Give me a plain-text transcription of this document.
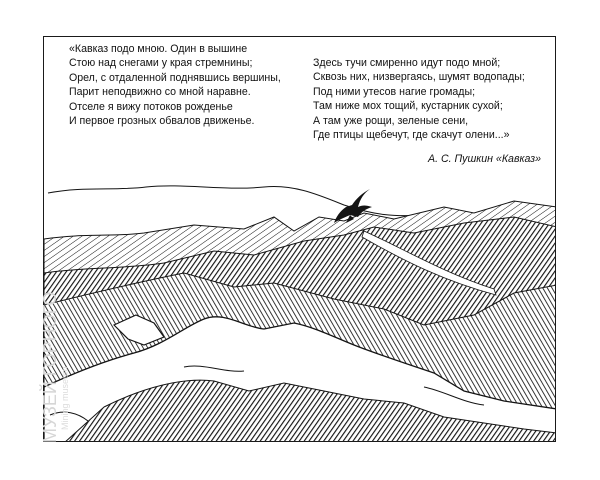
«Кавказ подо мною. Один в вышине
Стою над снегами у края стремнины;
Орел, с отдаленной поднявшись вершины,
Парит неподвижно со мной наравне.
Отселе я вижу потоков рожденье
И первое грозных обвалов движенье.
Здесь тучи смиренно идут подо мной;
Сквозь них, низвергаясь, шумят водопады;
Под ними утесов нагие громады;
Там ниже мох тощий, кустарник сухой;
А там уже рощи, зеленые сени,
Где птицы щебечут, где скачут олени...»
А. С. Пушкин «Кавказ»
МУЗЕЙ ГОРНОГО Mining museum
